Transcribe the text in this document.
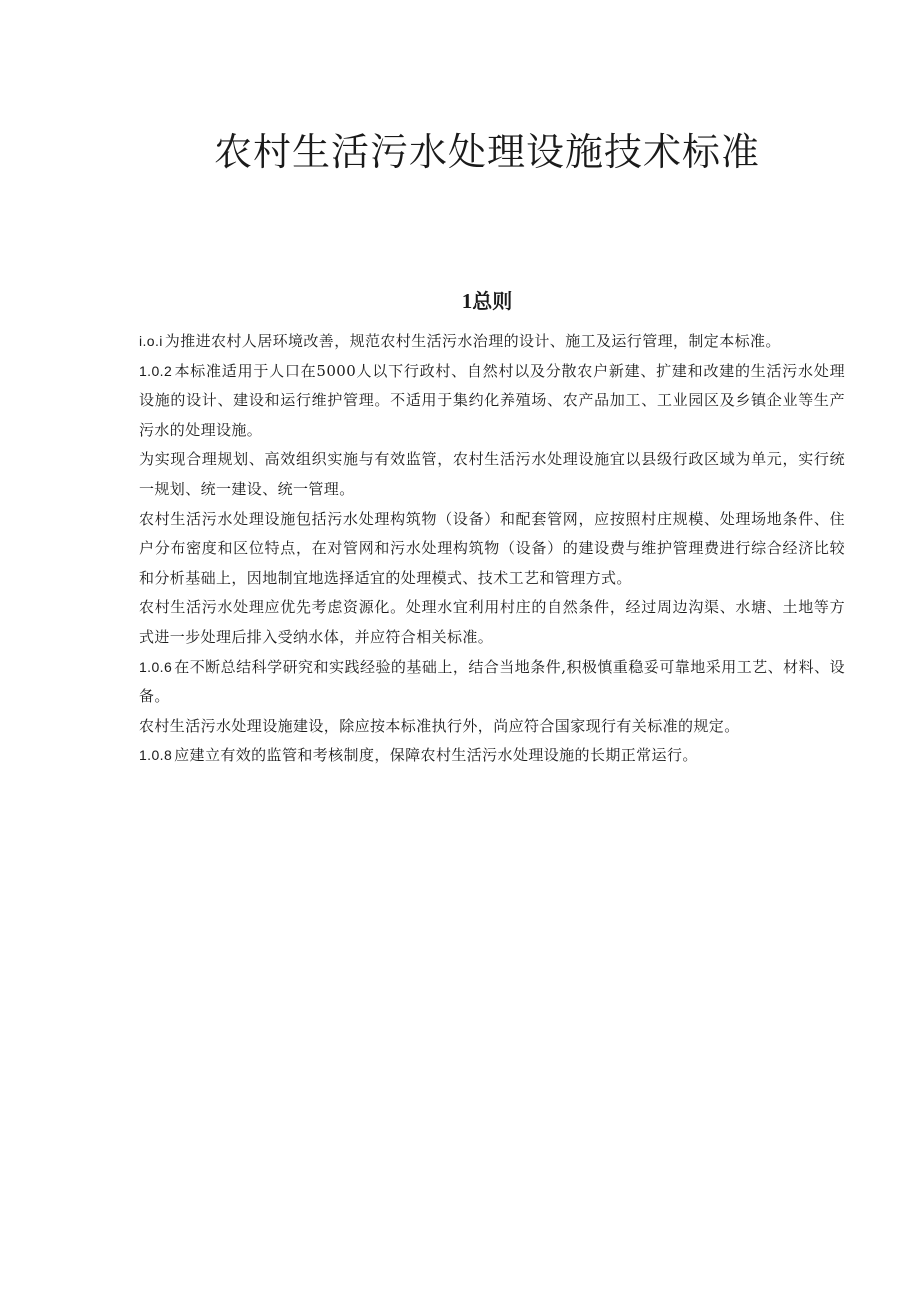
农村生活污水处理设施技术标准
1总则

i.o.i 为推进农村人居环境改善，规范农村生活污水治理的设计、施工及运行管理，制定本标准。

1.0.2 本标准适用于人口在5000人以下行政村、自然村以及分散农户新建、扩建和改建的生活污水处理设施的设计、建设和运行维护管理。不适用于集约化养殖场、农产品加工、工业园区及乡镇企业等生产污水的处理设施。

为实现合理规划、高效组织实施与有效监管，农村生活污水处理设施宜以县级行政区域为单元，实行统一规划、统一建设、统一管理。

农村生活污水处理设施包括污水处理构筑物（设备）和配套管网，应按照村庄规模、处理场地条件、住户分布密度和区位特点，在对管网和污水处理构筑物（设备）的建设费与维护管理费进行综合经济比较和分析基础上，因地制宜地选择适宜的处理模式、技术工艺和管理方式。

农村生活污水处理应优先考虑资源化。处理水宜利用村庄的自然条件，经过周边沟渠、水塘、土地等方式进一步处理后排入受纳水体，并应符合相关标准。

1.0.6 在不断总结科学研究和实践经验的基础上，结合当地条件,积极慎重稳妥可靠地采用工艺、材料、设备。

农村生活污水处理设施建设，除应按本标准执行外，尚应符合国家现行有关标准的规定。

1.0.8 应建立有效的监管和考核制度，保障农村生活污水处理设施的长期正常运行。
